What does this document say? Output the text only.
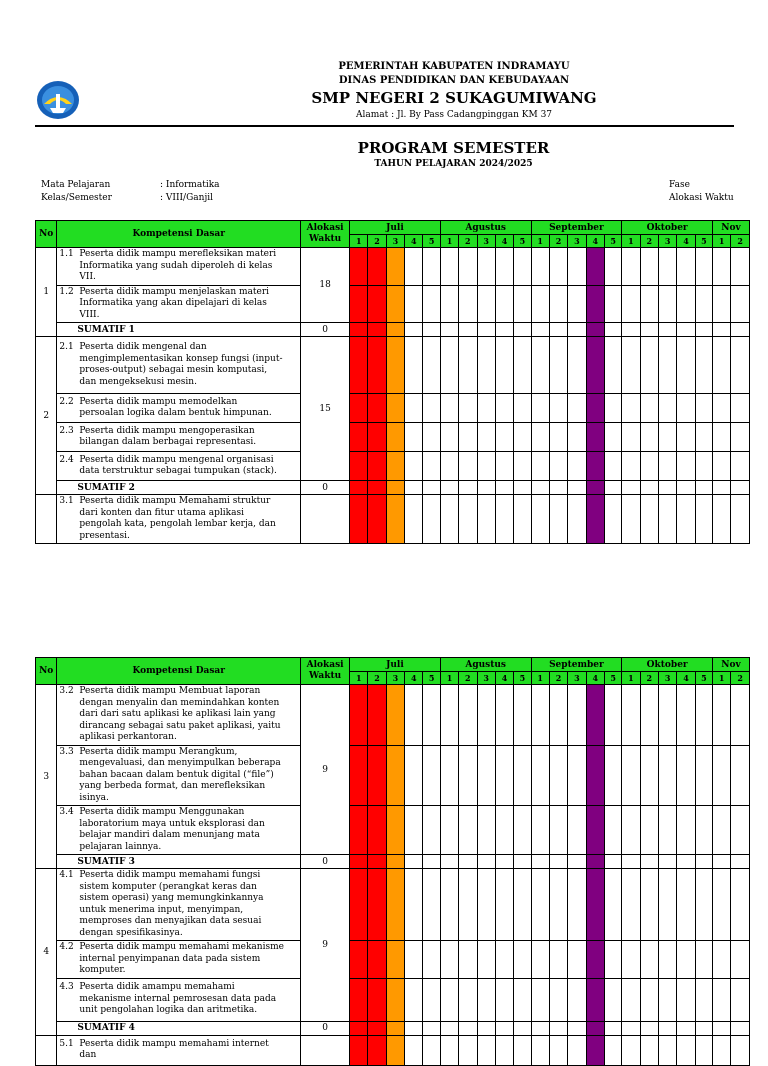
PEMERINTAH KABUPATEN INDRAMAYU
DINAS PENDIDIKAN DAN KEBUDAYAAN
SMP NEGERI 2 SUKAGUMIWANG
Alamat : Jl. By Pass Cadangpinggan KM 37
PROGRAM SEMESTER
TAHUN PELAJARAN 2024/2025
Mata Pelajaran	: Informatika
Kelas/Semester	: VIII/Ganjil
Fase
Alokasi Waktu
No	Kompetensi Dasar	Alokasi Waktu	Juli					Agustus					September					Oktober					Nov	
			1	2	3	4	5	1	2	3	4	5	1	2	3	4	5	1	2	3	4	5	1	2
1	1.1 Peserta didik mampu merefleksikan materi Informatika yang sudah diperoleh di kelas VII.	18																						
	1.2 Peserta didik mampu menjelaskan materi Informatika yang akan dipelajari di kelas VIII.																							
	SUMATIF 1	0																						
2	2.1 Peserta didik mengenal dan mengimplementasikan konsep fungsi (input-proses-output) sebagai mesin komputasi, dan mengeksekusi mesin.	15																						
	2.2 Peserta didik mampu memodelkan persoalan logika dalam bentuk himpunan.																							
	2.3 Peserta didik mampu mengoperasikan bilangan dalam berbagai representasi.																							
	2.4 Peserta didik mampu mengenal organisasi data terstruktur sebagai tumpukan (stack).																							
	SUMATIF 2	0																						
	3.1 Peserta didik mampu Memahami struktur dari konten dan fitur utama aplikasi pengolah kata, pengolah lembar kerja, dan presentasi.																							
No	Kompetensi Dasar	Alokasi Waktu	Juli					Agustus					September					Oktober					Nov	
			1	2	3	4	5	1	2	3	4	5	1	2	3	4	5	1	2	3	4	5	1	2
3	3.2 Peserta didik mampu Membuat laporan dengan menyalin dan memindahkan konten dari dari satu aplikasi ke aplikasi lain yang dirancang sebagai satu paket aplikasi, yaitu aplikasi perkantoran.	9																						
	3.3 Peserta didik mampu Merangkum, mengevaluasi, dan menyimpulkan beberapa bahan bacaan dalam bentuk digital (“file”) yang berbeda format, dan merefleksikan isinya.																							
	3.4 Peserta didik mampu Menggunakan laboratorium maya untuk eksplorasi dan belajar mandiri dalam menunjang mata pelajaran lainnya.																							
	SUMATIF 3	0																						
4	4.1 Peserta didik mampu memahami fungsi sistem komputer (perangkat keras dan sistem operasi) yang memungkinkannya untuk menerima input, menyimpan, memproses dan menyajikan data sesuai dengan spesifikasinya.	9																						
	4.2 Peserta didik mampu memahami mekanisme internal penyimpanan data pada sistem komputer.																							
	4.3 Peserta didik amampu memahami mekanisme internal pemrosesan data pada unit pengolahan logika dan aritmetika.																							
	SUMATIF 4	0																						
	5.1 Peserta didik mampu memahami internet dan																							
